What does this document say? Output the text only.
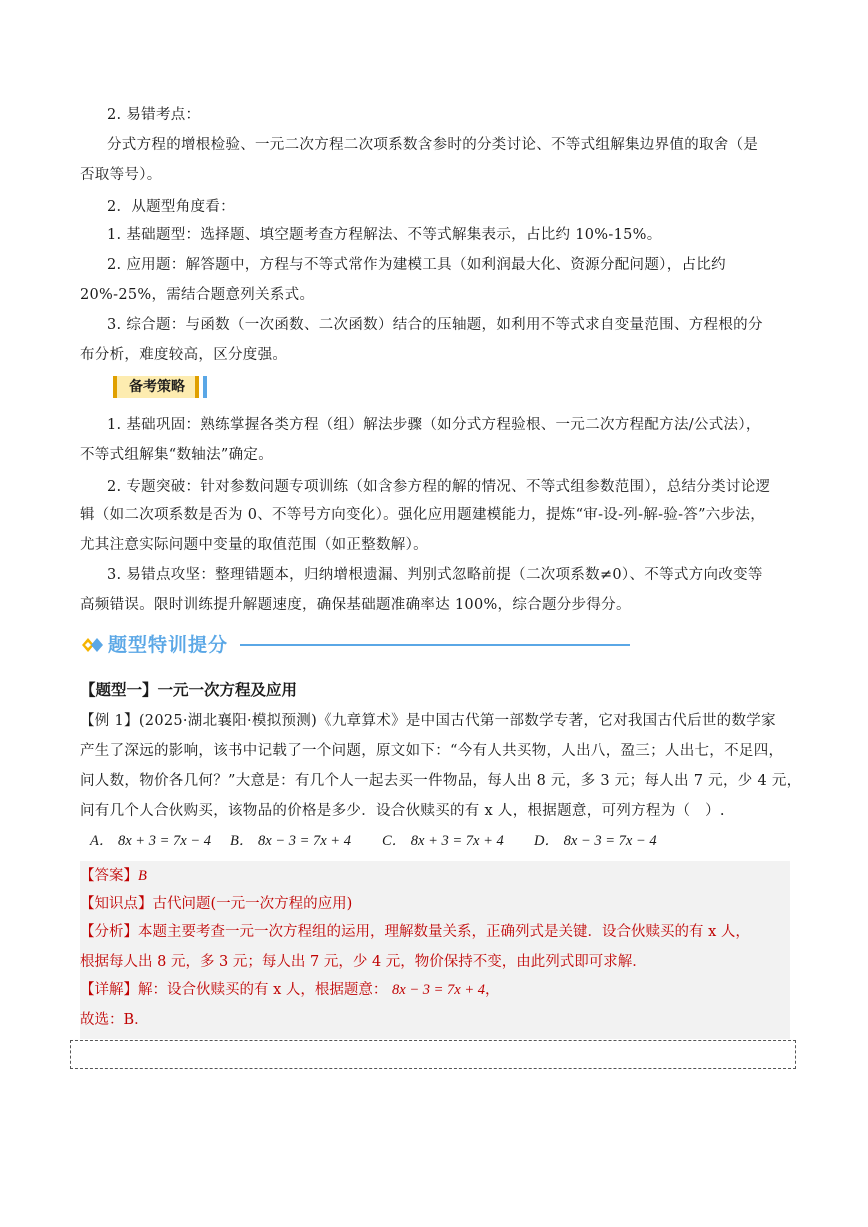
2. 易错考点：
分式方程的增根检验、一元二次方程二次项系数含参时的分类讨论、不等式组解集边界值的取舍（是
否取等号）。
2．从题型角度看：
1. 基础题型：选择题、填空题考查方程解法、不等式解集表示，占比约 10%-15%。
2. 应用题：解答题中，方程与不等式常作为建模工具（如利润最大化、资源分配问题），占比约
20%-25%，需结合题意列关系式。
3. 综合题：与函数（一次函数、二次函数）结合的压轴题，如利用不等式求自变量范围、方程根的分
布分析，难度较高，区分度强。
备考策略
1. 基础巩固：熟练掌握各类方程（组）解法步骤（如分式方程验根、一元二次方程配方法/公式法），
不等式组解集“数轴法”确定。
2. 专题突破：针对参数问题专项训练（如含参方程的解的情况、不等式组参数范围），总结分类讨论逻
辑（如二次项系数是否为 0、不等号方向变化）。强化应用题建模能力，提炼“审-设-列-解-验-答”六步法，
尤其注意实际问题中变量的取值范围（如正整数解）。
3. 易错点攻坚：整理错题本，归纳增根遗漏、判别式忽略前提（二次项系数≠0）、不等式方向改变等
高频错误。限时训练提升解题速度，确保基础题准确率达 100%，综合题分步得分。
题型特训提分
【题型一】一元一次方程及应用
【例 1】(2025·湖北襄阳·模拟预测)《九章算术》是中国古代第一部数学专著，它对我国古代后世的数学家
产生了深远的影响，该书中记载了一个问题，原文如下：“今有人共买物，人出八，盈三；人出七，不足四，
问人数，物价各几何？”大意是：有几个人一起去买一件物品，每人出 8 元，多 3 元；每人出 7 元，少 4 元，
问有几个人合伙购买，该物品的价格是多少．设合伙赎买的有 x 人，根据题意，可列方程为（　）.
A． 8x + 3 = 7x − 4 B． 8x − 3 = 7x + 4 C． 8x + 3 = 7x + 4 D． 8x − 3 = 7x − 4
【答案】B
【知识点】古代问题(一元一次方程的应用)
【分析】本题主要考查一元一次方程组的运用，理解数量关系，正确列式是关键．设合伙赎买的有 x 人，
根据每人出 8 元，多 3 元；每人出 7 元，少 4 元，物价保持不变，由此列式即可求解．
【详解】解：设合伙赎买的有 x 人，根据题意： 8x − 3 = 7x + 4，
故选：B．
